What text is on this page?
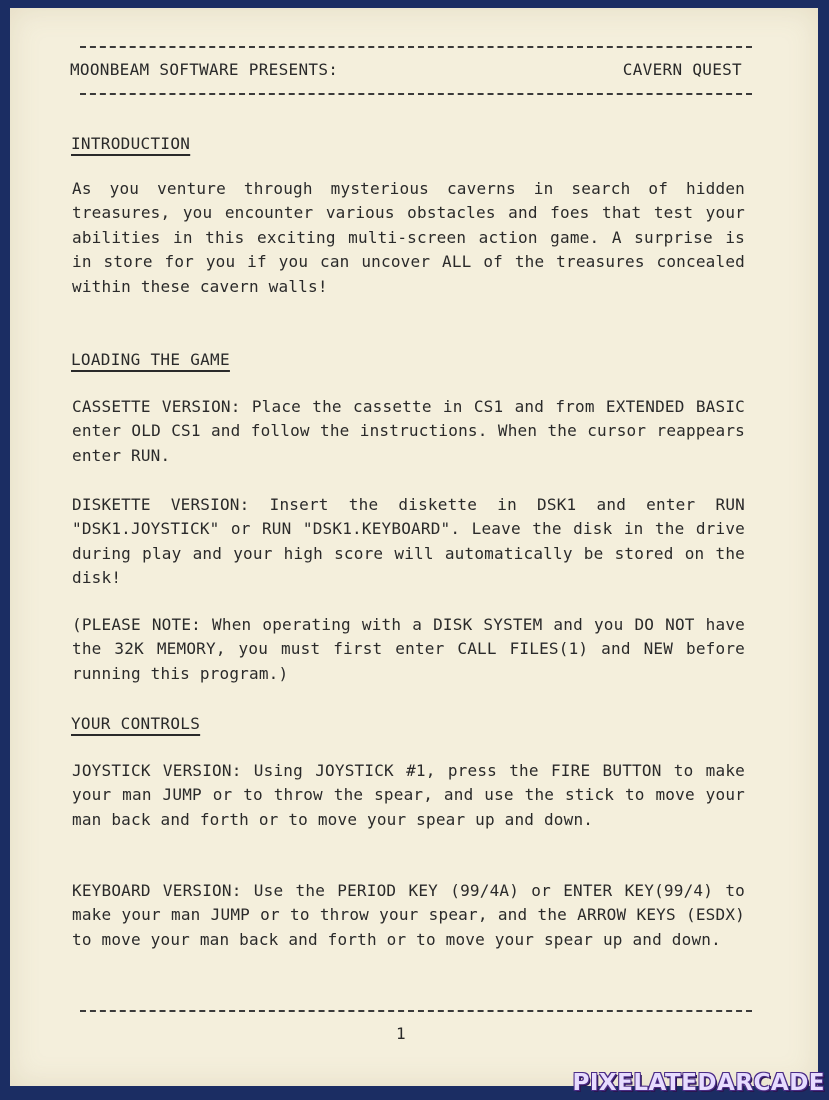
MOONBEAM SOFTWARE PRESENTS:	CAVERN QUEST
INTRODUCTION
As you venture through mysterious caverns in search of hidden treasures, you encounter various obstacles and foes that test your abilities in this exciting multi-screen action game. A surprise is in store for you if you can uncover ALL of the treasures concealed within these cavern walls!
LOADING THE GAME
CASSETTE VERSION: Place the cassette in CS1 and from EXTENDED BASIC enter OLD CS1 and follow the instructions. When the cursor reappears enter RUN.
DISKETTE VERSION: Insert the diskette in DSK1 and enter RUN "DSK1.JOYSTICK" or RUN "DSK1.KEYBOARD". Leave the disk in the drive during play and your high score will automatically be stored on the disk!
(PLEASE NOTE: When operating with a DISK SYSTEM and you DO NOT have the 32K MEMORY, you must first enter CALL FILES(1) and NEW before running this program.)
YOUR CONTROLS
JOYSTICK VERSION: Using JOYSTICK #1, press the FIRE BUTTON to make your man JUMP or to throw the spear, and use the stick to move your man back and forth or to move your spear up and down.
KEYBOARD VERSION: Use the PERIOD KEY (99/4A) or ENTER KEY(99/4) to make your man JUMP or to throw your spear, and the ARROW KEYS (ESDX) to move your man back and forth or to move your spear up and down.
1
PIXELATEDARCADE
